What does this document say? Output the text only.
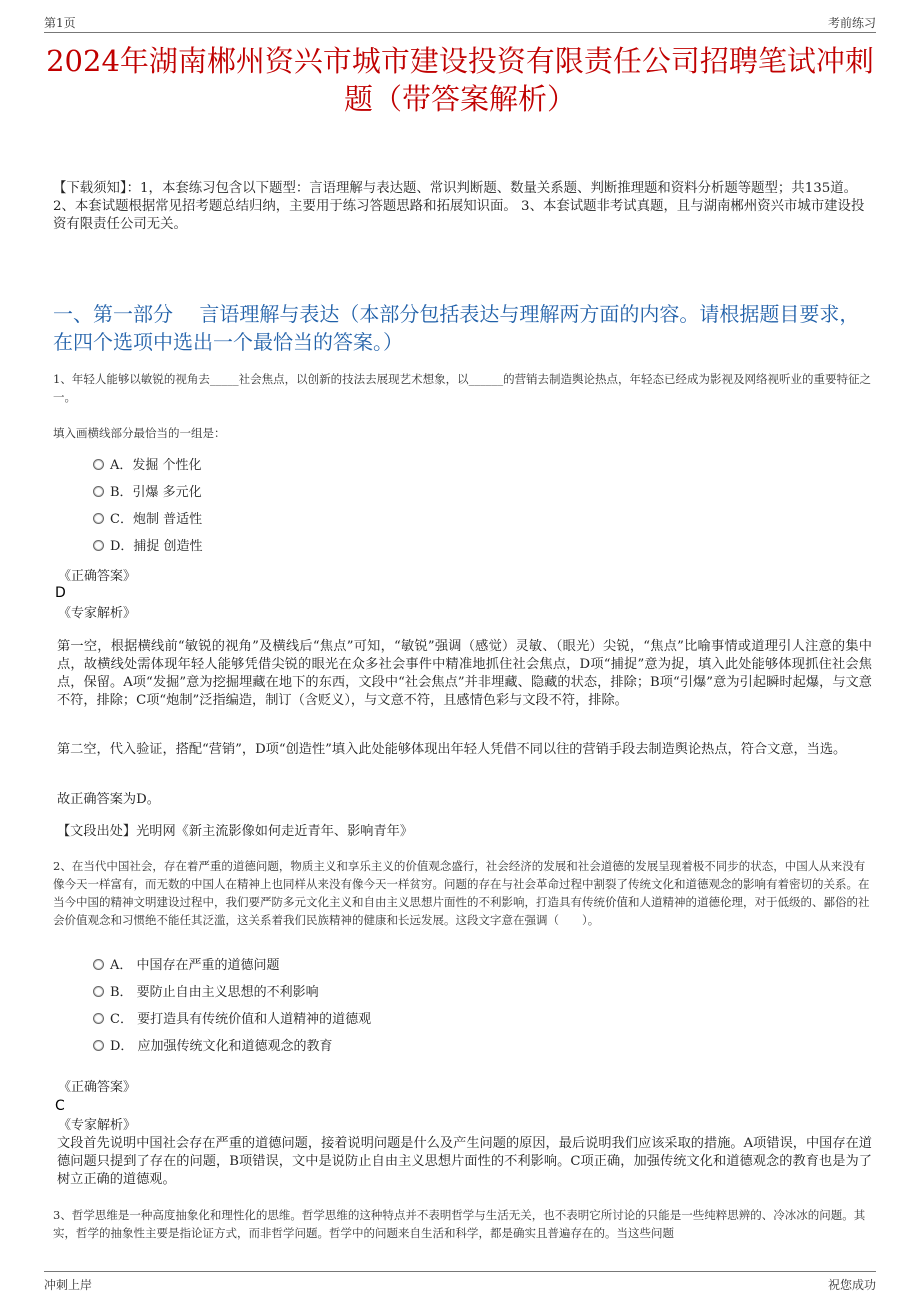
第1页	考前练习
2024年湖南郴州资兴市城市建设投资有限责任公司招聘笔试冲刺题（带答案解析）
【下载须知】：1，本套练习包含以下题型：言语理解与表达题、常识判断题、数量关系题、判断推理题和资料分析题等题型；共135道。 2、本套试题根据常见招考题总结归纳，主要用于练习答题思路和拓展知识面。 3、本套试题非考试真题，且与湖南郴州资兴市城市建设投资有限责任公司无关。
一、第一部分　 言语理解与表达（本部分包括表达与理解两方面的内容。请根据题目要求，在四个选项中选出一个最恰当的答案。）
1、年轻人能够以敏锐的视角去_____社会焦点，以创新的技法去展现艺术想象，以______的营销去制造舆论热点，年轻态已经成为影视及网络视听业的重要特征之一。
填入画横线部分最恰当的一组是：
A．发掘 个性化
B．引爆 多元化
C．炮制 普适性
D．捕捉 创造性
《正确答案》
D
《专家解析》
第一空，根据横线前“敏锐的视角”及横线后“焦点”可知，“敏锐”强调（感觉）灵敏、（眼光）尖锐，“焦点”比喻事情或道理引人注意的集中点，故横线处需体现年轻人能够凭借尖锐的眼光在众多社会事件中精准地抓住社会焦点，D项“捕捉”意为捉，填入此处能够体现抓住社会焦点，保留。A项“发掘”意为挖掘埋藏在地下的东西，文段中“社会焦点”并非埋藏、隐藏的状态，排除；B项“引爆”意为引起瞬时起爆，与文意不符，排除；C项“炮制”泛指编造，制订（含贬义），与文意不符，且感情色彩与文段不符，排除。
第二空，代入验证，搭配“营销”，D项“创造性”填入此处能够体现出年轻人凭借不同以往的营销手段去制造舆论热点，符合文意，当选。
故正确答案为D。
【文段出处】光明网《新主流影像如何走近青年、影响青年》
2、在当代中国社会，存在着严重的道德问题，物质主义和享乐主义的价值观念盛行，社会经济的发展和社会道德的发展呈现着极不同步的状态，中国人从来没有像今天一样富有，而无数的中国人在精神上也同样从来没有像今天一样贫穷。问题的存在与社会革命过程中割裂了传统文化和道德观念的影响有着密切的关系。在当今中国的精神文明建设过程中，我们要严防多元文化主义和自由主义思想片面性的不利影响，打造具有传统价值和人道精神的道德伦理，对于低级的、鄙俗的社会价值观念和习惯绝不能任其泛滥，这关系着我们民族精神的健康和长远发展。这段文字意在强调（　　）。
A． 中国存在严重的道德问题
B． 要防止自由主义思想的不利影响
C． 要打造具有传统价值和人道精神的道德观
D． 应加强传统文化和道德观念的教育
《正确答案》
C
《专家解析》
文段首先说明中国社会存在严重的道德问题，接着说明问题是什么及产生问题的原因，最后说明我们应该采取的措施。A项错误，中国存在道德问题只提到了存在的问题，B项错误，文中是说防止自由主义思想片面性的不利影响。C项正确，加强传统文化和道德观念的教育也是为了树立正确的道德观。
3、哲学思维是一种高度抽象化和理性化的思维。哲学思维的这种特点并不表明哲学与生活无关，也不表明它所讨论的只能是一些纯粹思辨的、冷冰冰的问题。其实，哲学的抽象性主要是指论证方式，而非哲学问题。哲学中的问题来自生活和科学，都是确实且普遍存在的。当这些问题
冲刺上岸	祝您成功
